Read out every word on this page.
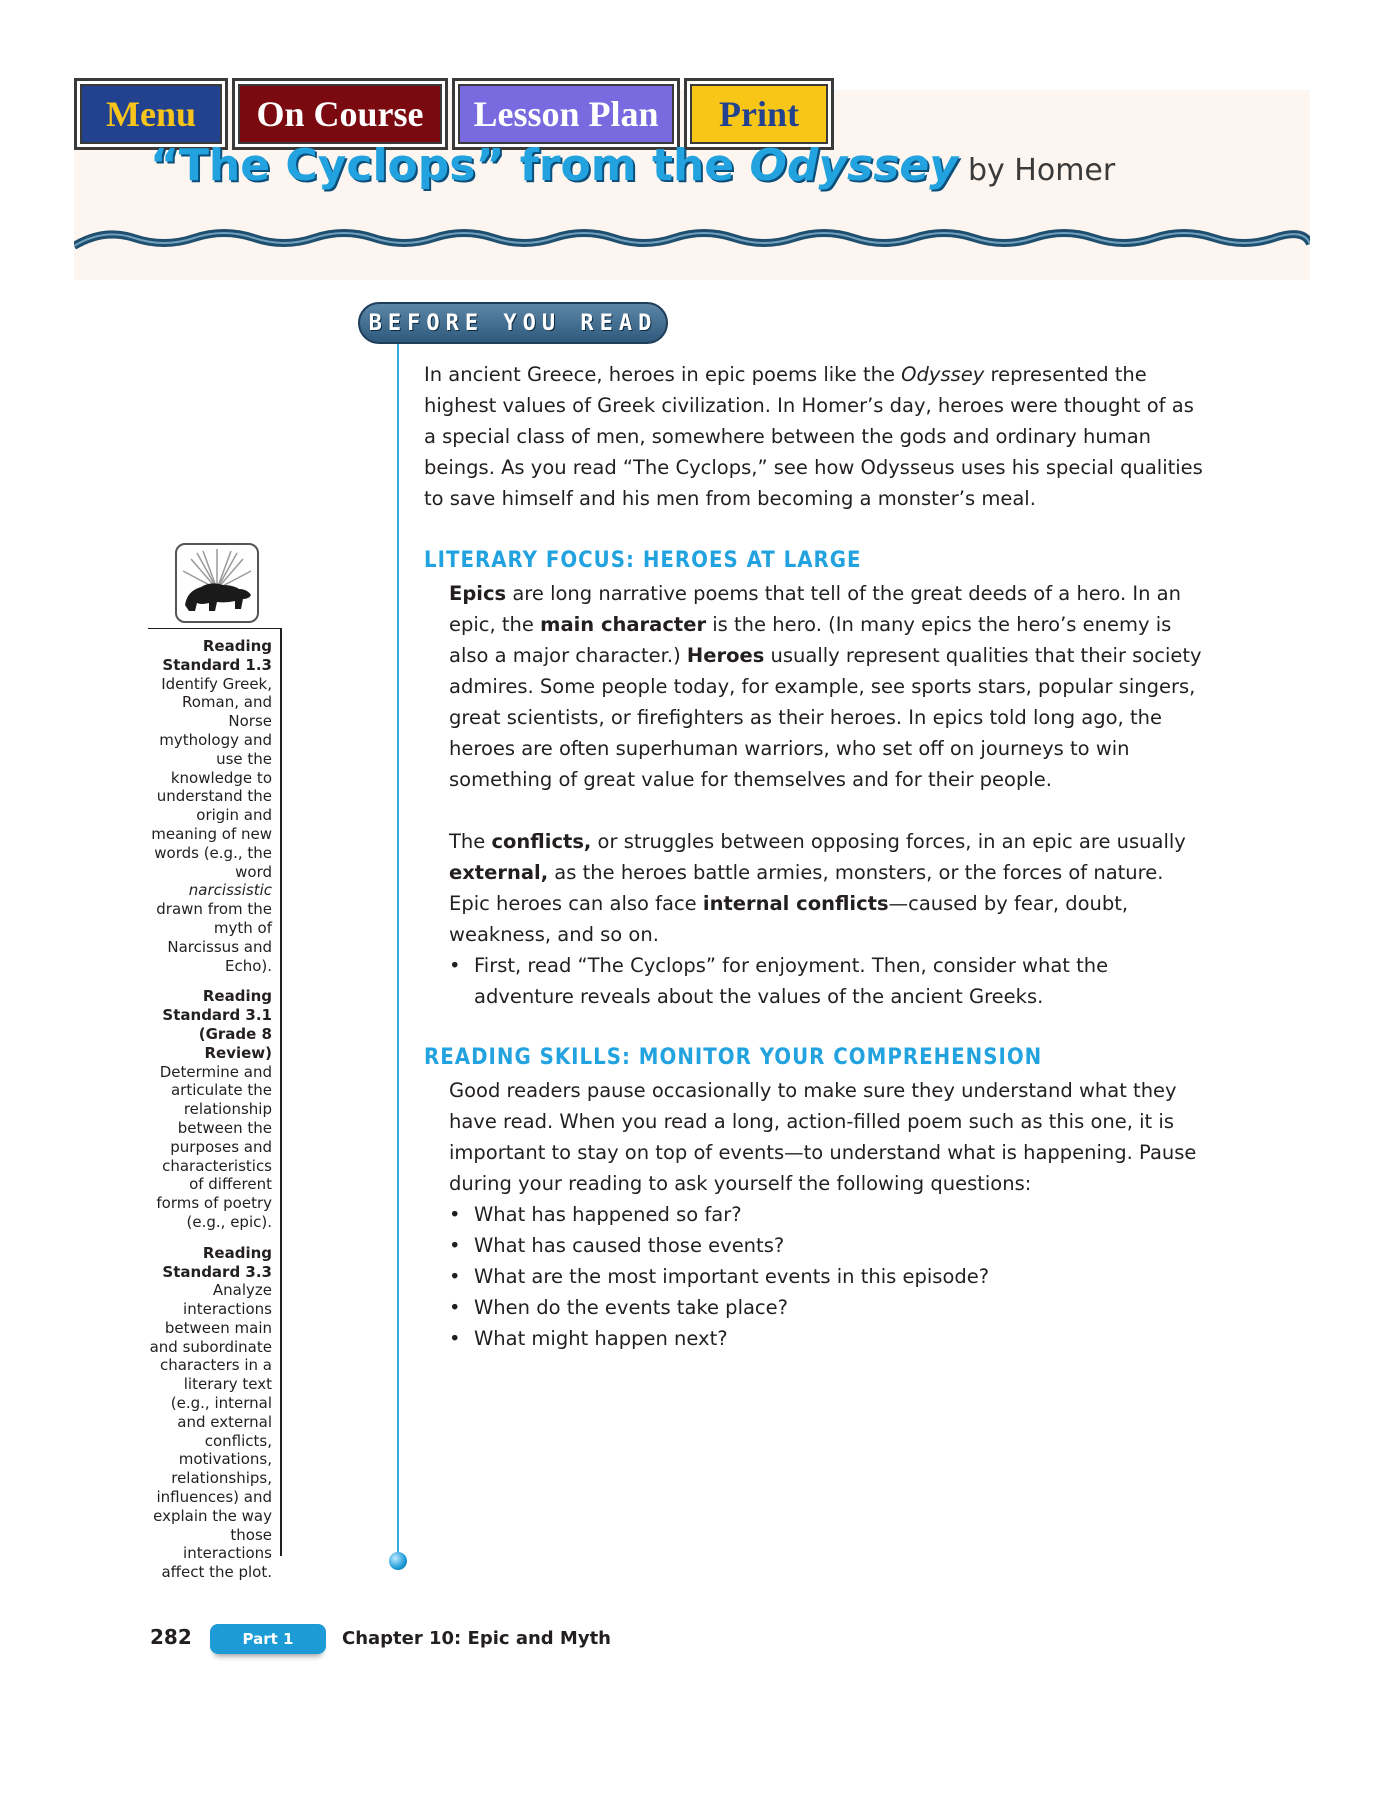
Menu	On Course	Lesson Plan	Print
“The Cyclops” from the Odyssey by Homer
BEFORE YOU READ

In ancient Greece, heroes in epic poems like the Odyssey represented the highest values of Greek civilization. In Homer’s day, heroes were thought of as a special class of men, somewhere between the gods and ordinary human beings. As you read “The Cyclops,” see how Odysseus uses his special qualities to save himself and his men from becoming a monster’s meal.

LITERARY FOCUS: HEROES AT LARGE

Epics are long narrative poems that tell of the great deeds of a hero. In an epic, the main character is the hero. (In many epics the hero’s enemy is also a major character.) Heroes usually represent qualities that their society admires. Some people today, for example, see sports stars, popular singers, great scientists, or firefighters as their heroes. In epics told long ago, the heroes are often superhuman warriors, who set off on journeys to win something of great value for themselves and for their people.

The conflicts, or struggles between opposing forces, in an epic are usually external, as the heroes battle armies, monsters, or the forces of nature. Epic heroes can also face internal conflicts—caused by fear, doubt, weakness, and so on.

• First, read “The Cyclops” for enjoyment. Then, consider what the adventure reveals about the values of the ancient Greeks.
READING SKILLS: MONITOR YOUR COMPREHENSION

Good readers pause occasionally to make sure they understand what they have read. When you read a long, action-filled poem such as this one, it is important to stay on top of events—to understand what is happening. Pause during your reading to ask yourself the following questions:

• What has happened so far?
• What has caused those events?
• What are the most important events in this episode?
• When do the events take place?
• What might happen next?
Reading Standard 1.3
Identify Greek, Roman, and Norse mythology and use the knowledge to understand the origin and meaning of new words (e.g., the word narcissistic drawn from the myth of Narcissus and Echo).
Reading Standard 3.1 (Grade 8 Review)
Determine and articulate the relationship between the purposes and characteristics of different forms of poetry (e.g., epic).
Reading Standard 3.3
Analyze interactions between main and subordinate characters in a literary text (e.g., internal and external conflicts, motivations, relationships, influences) and explain the way those interactions affect the plot.
282	Part 1	Chapter 10: Epic and Myth
